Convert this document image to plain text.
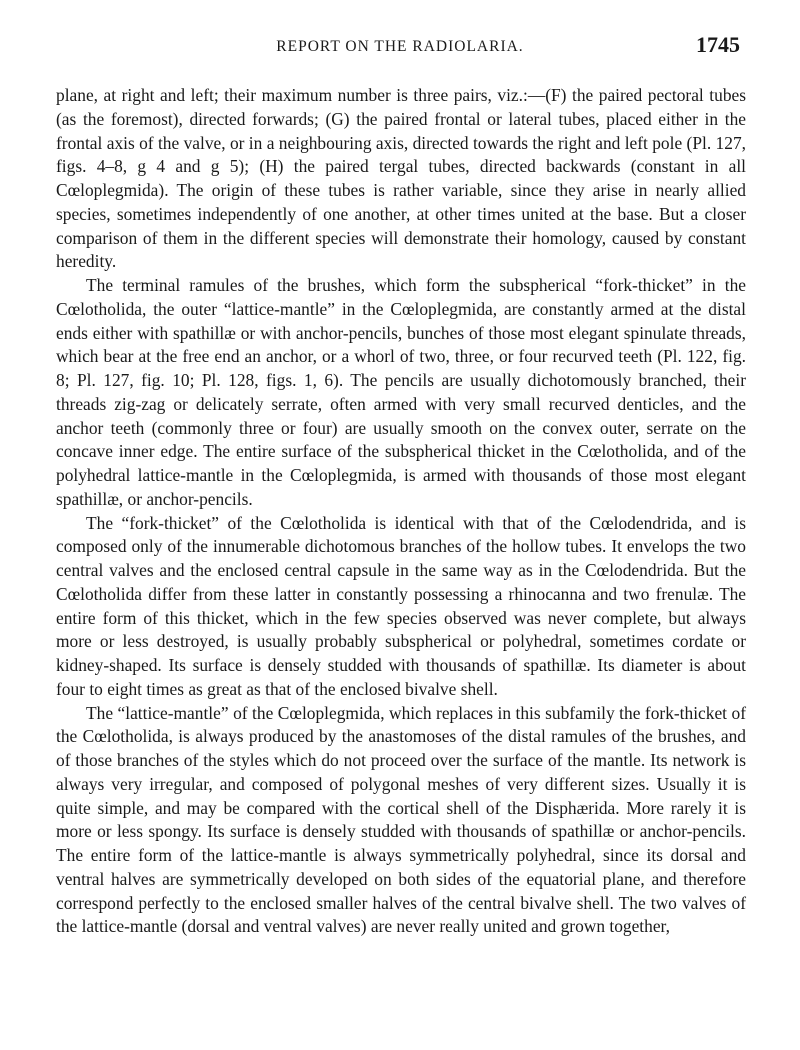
REPORT ON THE RADIOLARIA.	1745

plane, at right and left; their maximum number is three pairs, viz.:—(F) the paired pectoral tubes (as the foremost), directed forwards; (G) the paired frontal or lateral tubes, placed either in the frontal axis of the valve, or in a neighbouring axis, directed towards the right and left pole (Pl. 127, figs. 4–8, g 4 and g 5); (H) the paired tergal tubes, directed backwards (constant in all Cœloplegmida). The origin of these tubes is rather variable, since they arise in nearly allied species, sometimes independently of one another, at other times united at the base. But a closer comparison of them in the different species will demonstrate their homology, caused by constant heredity.

The terminal ramules of the brushes, which form the subspherical “fork-thicket” in the Cœlotholida, the outer “lattice-mantle” in the Cœloplegmida, are constantly armed at the distal ends either with spathillæ or with anchor-pencils, bunches of those most elegant spinulate threads, which bear at the free end an anchor, or a whorl of two, three, or four recurved teeth (Pl. 122, fig. 8; Pl. 127, fig. 10; Pl. 128, figs. 1, 6). The pencils are usually dichotomously branched, their threads zig-zag or delicately serrate, often armed with very small recurved denticles, and the anchor teeth (commonly three or four) are usually smooth on the convex outer, serrate on the concave inner edge. The entire surface of the subspherical thicket in the Cœlotholida, and of the polyhedral lattice-mantle in the Cœloplegmida, is armed with thousands of those most elegant spathillæ, or anchor-pencils.

The “fork-thicket” of the Cœlotholida is identical with that of the Cœlodendrida, and is composed only of the innumerable dichotomous branches of the hollow tubes. It envelops the two central valves and the enclosed central capsule in the same way as in the Cœlodendrida. But the Cœlotholida differ from these latter in constantly possessing a rhinocanna and two frenulæ. The entire form of this thicket, which in the few species observed was never complete, but always more or less destroyed, is usually probably subspherical or polyhedral, sometimes cordate or kidney-shaped. Its surface is densely studded with thousands of spathillæ. Its diameter is about four to eight times as great as that of the enclosed bivalve shell.

The “lattice-mantle” of the Cœloplegmida, which replaces in this subfamily the fork-thicket of the Cœlotholida, is always produced by the anastomoses of the distal ramules of the brushes, and of those branches of the styles which do not proceed over the surface of the mantle. Its network is always very irregular, and composed of polygonal meshes of very different sizes. Usually it is quite simple, and may be compared with the cortical shell of the Disphærida. More rarely it is more or less spongy. Its surface is densely studded with thousands of spathillæ or anchor-pencils. The entire form of the lattice-mantle is always symmetrically polyhedral, since its dorsal and ventral halves are symmetrically developed on both sides of the equatorial plane, and therefore correspond perfectly to the enclosed smaller halves of the central bivalve shell. The two valves of the lattice-mantle (dorsal and ventral valves) are never really united and grown together,
